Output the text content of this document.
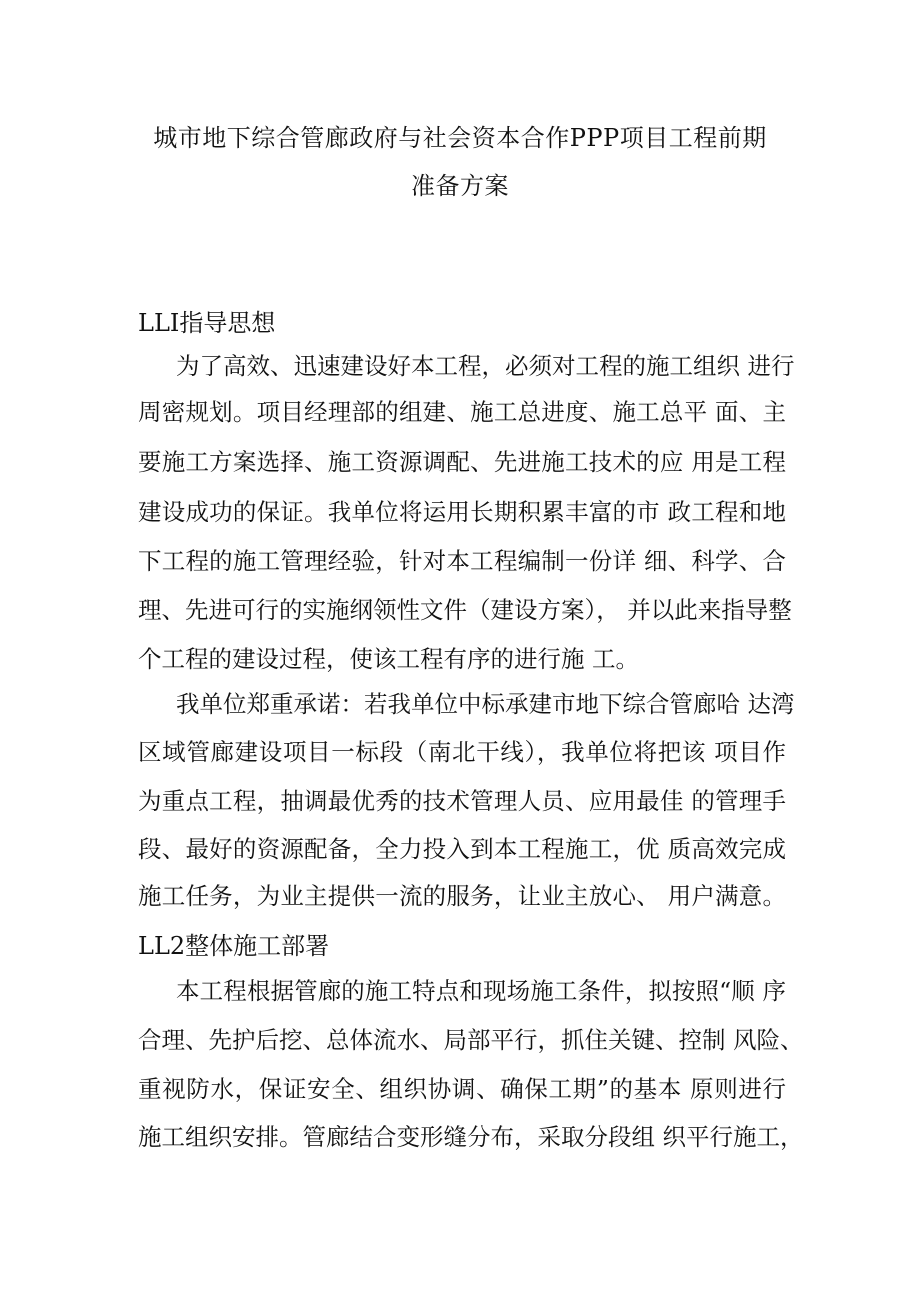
城市地下综合管廊政府与社会资本合作PPP项目工程前期
准备方案
LLI指导思想
为了高效、迅速建设好本工程，必须对工程的施工组织 进行
周密规划。项目经理部的组建、施工总进度、施工总平 面、主
要施工方案选择、施工资源调配、先进施工技术的应 用是工程
建设成功的保证。我单位将运用长期积累丰富的市 政工程和地
下工程的施工管理经验，针对本工程编制一份详 细、科学、合
理、先进可行的实施纲领性文件（建设方案）， 并以此来指导整
个工程的建设过程，使该工程有序的进行施 工。
我单位郑重承诺：若我单位中标承建市地下综合管廊哈 达湾
区域管廊建设项目一标段（南北干线），我单位将把该 项目作
为重点工程，抽调最优秀的技术管理人员、应用最佳 的管理手
段、最好的资源配备，全力投入到本工程施工，优 质高效完成
施工任务，为业主提供一流的服务，让业主放心、 用户满意。
LL2整体施工部署
本工程根据管廊的施工特点和现场施工条件，拟按照“顺 序
合理、先护后挖、总体流水、局部平行，抓住关键、控制 风险、
重视防水，保证安全、组织协调、确保工期”的基本 原则进行
施工组织安排。管廊结合变形缝分布，采取分段组 织平行施工，
